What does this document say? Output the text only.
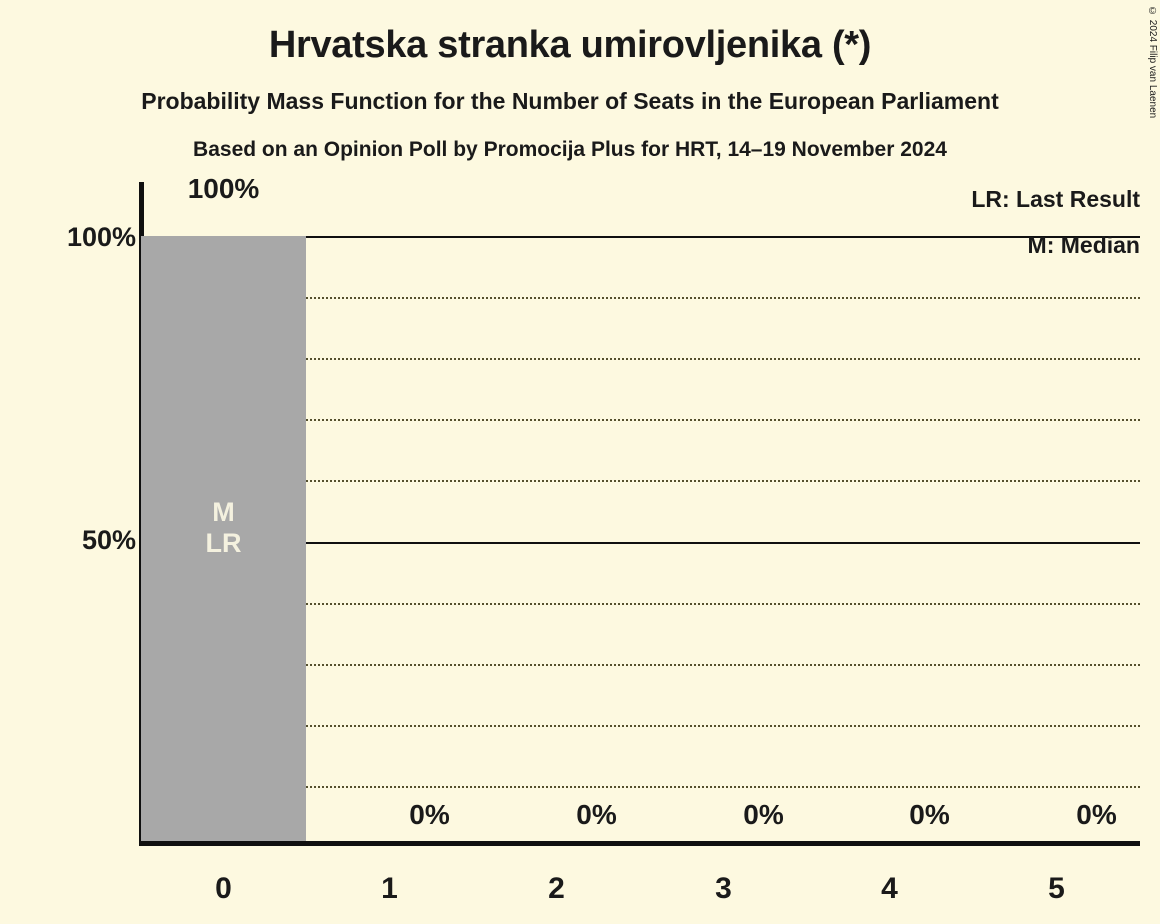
Hrvatska stranka umirovljenika (*)
Probability Mass Function for the Number of Seats in the European Parliament
Based on an Opinion Poll by Promocija Plus for HRT, 14–19 November 2024
© 2024 Filip van Laenen
100%
50%
M
LR
100%
0%	0%	0%	0%	0%
LR: Last Result
M: Median
0	1	2	3	4	5
